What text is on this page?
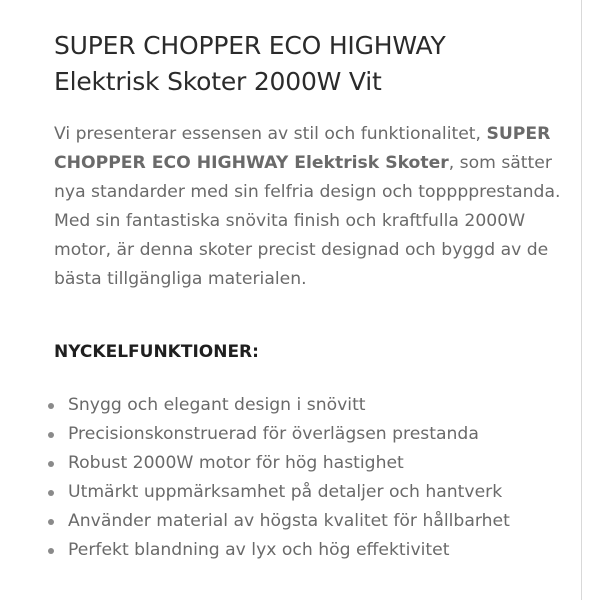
SUPER CHOPPER ECO HIGHWAY
Elektrisk Skoter 2000W Vit

Vi presenterar essensen av stil och funktionalitet, SUPER CHOPPER ECO HIGHWAY Elektrisk Skoter, som sätter nya standarder med sin felfria design och topppprestanda. Med sin fantastiska snövita finish och kraftfulla 2000W motor, är denna skoter precist designad och byggd av de bästa tillgängliga materialen.

NYCKELFUNKTIONER:
Snygg och elegant design i snövitt
Precisionskonstruerad för överlägsen prestanda
Robust 2000W motor för hög hastighet
Utmärkt uppmärksamhet på detaljer och hantverk
Använder material av högsta kvalitet för hållbarhet
Perfekt blandning av lyx och hög effektivitet
